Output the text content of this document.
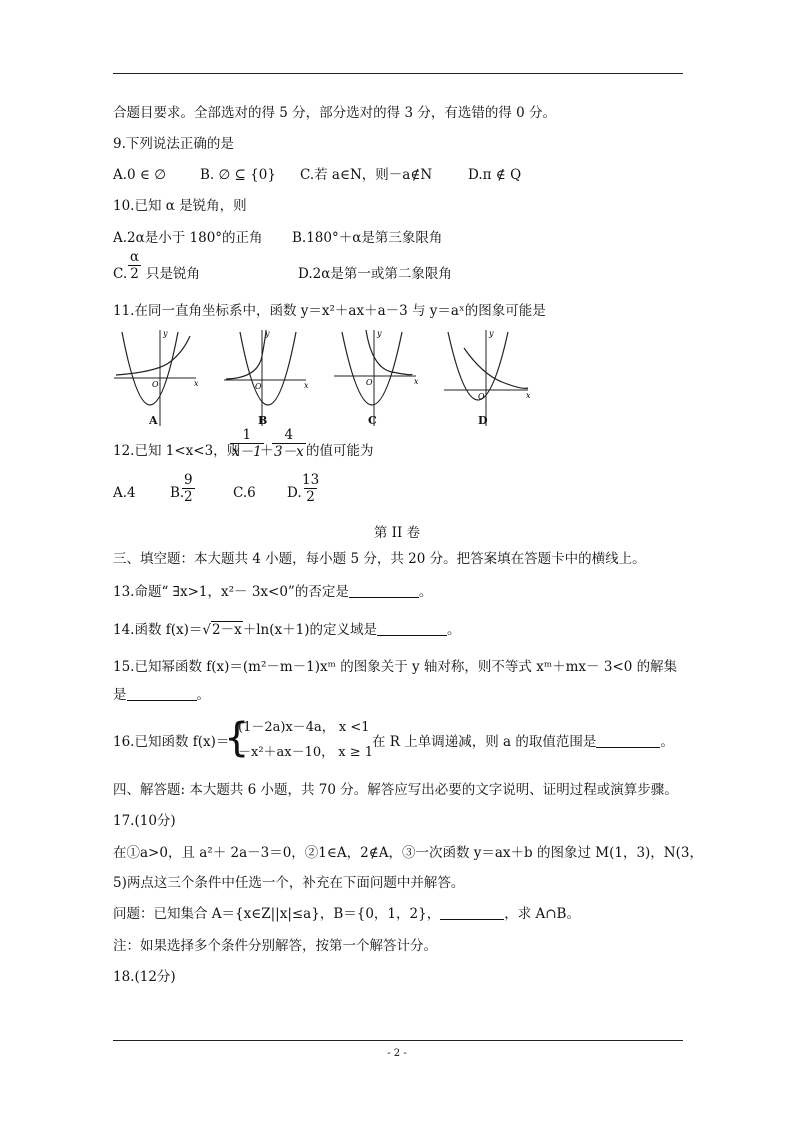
合题目要求。全部选对的得 5 分，部分选对的得 3 分，有选错的得 0 分。
9.下列说法正确的是
A.0 ∈ ∅	B. ∅ ⊆ {0} C.若 a∈N，则－a∉N	D.π ∉ Q
10.已知 α 是锐角，则
A.2α是小于 180°的正角 B.180°＋α是第三象限角
C. $\frac{\alpha}{2}$ 只是锐角	D.2α是第一或第二象限角
11.在同一直角坐标系中，函数 y＝x²＋ax＋a－3 与 y＝aˣ的图象可能是
x
y
O
A
x
y
O
B
x
y
O
C
x
y
O
D
12.已知 1<x<3，则
$\frac{1}{x-1}$
＋
$\frac{4}{3-x}$ 的值可能为
A.4	B.
$\frac{9}{2}$	C.6 D.
$\frac{13}{2}$
第 II 卷
三、填空题：本大题共 4 小题，每小题 5 分，共 20 分。把答案填在答题卡中的横线上。
13.命题“ ∃x>1，x²－ 3x<0”的否定是	。
14.函数 f(x)＝√2－x＋ln(x＋1)的定义域是	。
15.已知幂函数 f(x)＝(m²－m－1)xᵐ 的图象关于 y 轴对称，则不等式 xᵐ＋mx－ 3<0 的解集
是	。
16.已知函数 f(x)＝
{
(1－2a)x－4a， x <1
－x²＋ax－10， x ≥ 1
在 R 上单调递减，则 a 的取值范围是	。
四、解答题: 本大题共 6 小题，共 70 分。解答应写出必要的文字说明、证明过程或演算步骤。
17.(10分)
在①a>0，且 a²＋ 2a－3＝0，②1∈A，2∉A，③一次函数 y＝ax＋b 的图象过 M(1，3)，N(3，
5)两点这三个条件中任选一个，补充在下面问题中并解答。
问题：已知集合 A＝{x∈Z||x|≤a}，B＝{0，1，2}，	，求 A∩B。
注：如果选择多个条件分别解答，按第一个解答计分。
18.(12分)
- 2 -
